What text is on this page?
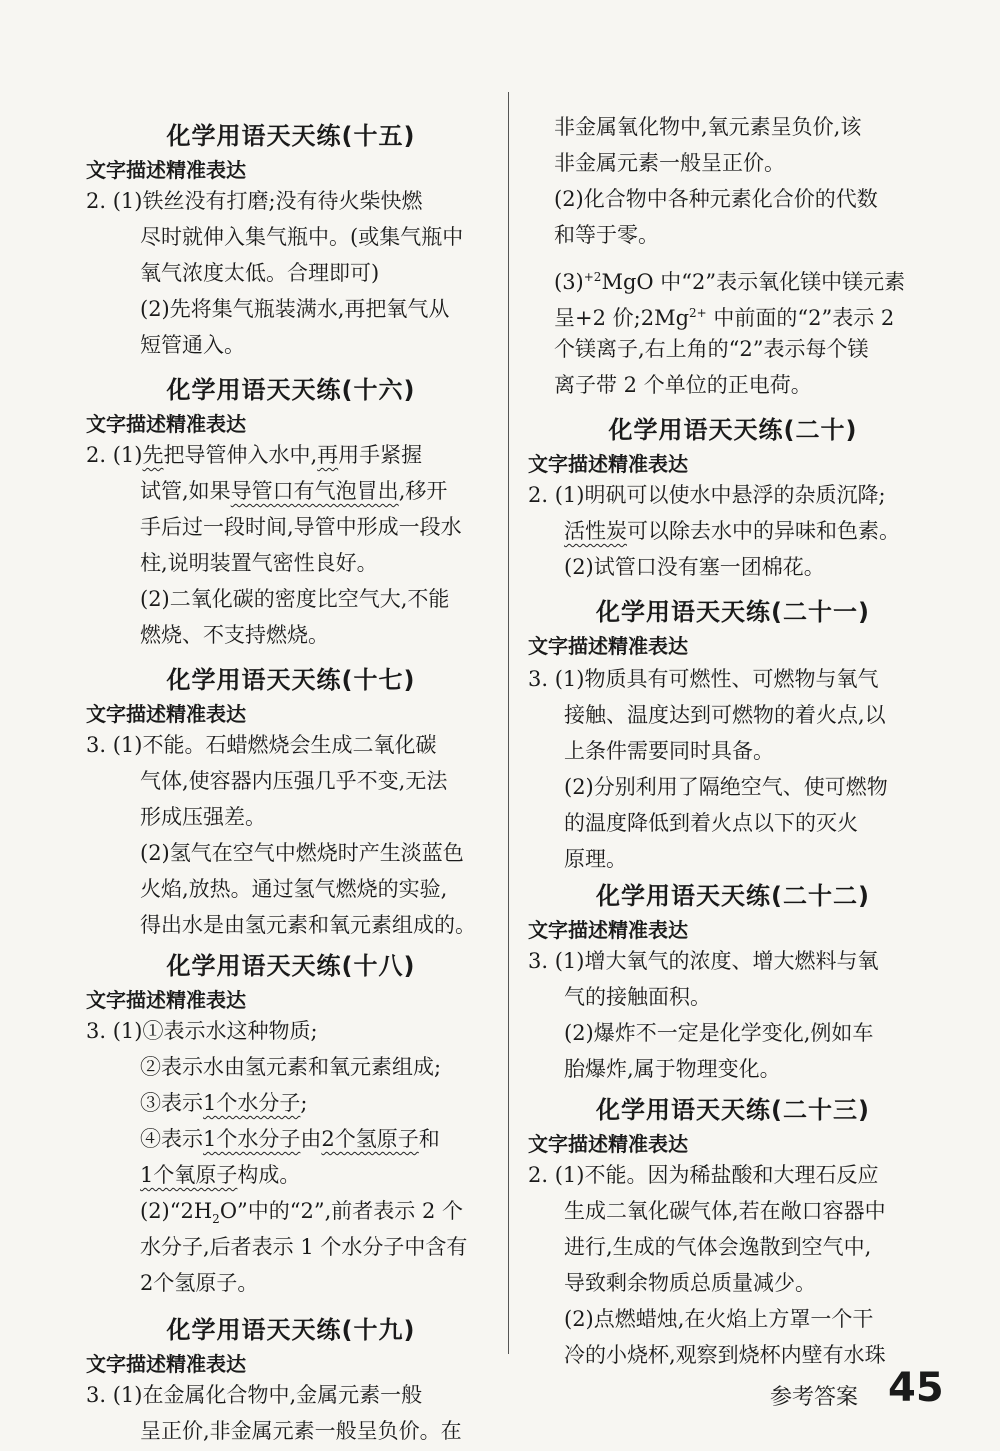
化学用语天天练(十五)
文字描述精准表达
2. (1)铁丝没有打磨;没有待火柴快燃
尽时就伸入集气瓶中。(或集气瓶中
氧气浓度太低。合理即可)
(2)先将集气瓶装满水,再把氧气从
短管通入。
化学用语天天练(十六)
文字描述精准表达
2. (1)先把导管伸入水中,再用手紧握
试管,如果导管口有气泡冒出,移开
手后过一段时间,导管中形成一段水
柱,说明装置气密性良好。
(2)二氧化碳的密度比空气大,不能
燃烧、不支持燃烧。
化学用语天天练(十七)
文字描述精准表达
3. (1)不能。石蜡燃烧会生成二氧化碳
气体,使容器内压强几乎不变,无法
形成压强差。
(2)氢气在空气中燃烧时产生淡蓝色
火焰,放热。通过氢气燃烧的实验,
得出水是由氢元素和氧元素组成的。
化学用语天天练(十八)
文字描述精准表达
3. (1)①表示水这种物质;
②表示水由氢元素和氧元素组成;
③表示1个水分子;
④表示1个水分子由2个氢原子和
1个氧原子构成。
$(2)“2H_2O$”中的“2”,前者表示 2 个
水分子,后者表示 1 个水分子中含有
2个氢原子。
化学用语天天练(十九)
文字描述精准表达
3. (1)在金属化合物中,金属元素一般
呈正价,非金属元素一般呈负价。在
非金属氧化物中,氧元素呈负价,该
非金属元素一般呈正价。
(2)化合物中各种元素化合价的代数
和等于零。
$(3)^{+2}MgO$ 中“2”表示氧化镁中镁元素
呈+2 价$;2Mg^{2+}$ 中前面的“2”表示 2
个镁离子,右上角的“2”表示每个镁
离子带 2 个单位的正电荷。
化学用语天天练(二十)
文字描述精准表达
2. (1)明矾可以使水中悬浮的杂质沉降;
活性炭可以除去水中的异味和色素。
(2)试管口没有塞一团棉花。
化学用语天天练(二十一)
文字描述精准表达
3. (1)物质具有可燃性、可燃物与氧气
接触、温度达到可燃物的着火点,以
上条件需要同时具备。
(2)分别利用了隔绝空气、使可燃物
的温度降低到着火点以下的灭火
原理。
化学用语天天练(二十二)
文字描述精准表达
3. (1)增大氧气的浓度、增大燃料与氧
气的接触面积。
(2)爆炸不一定是化学变化,例如车
胎爆炸,属于物理变化。
化学用语天天练(二十三)
文字描述精准表达
2. (1)不能。因为稀盐酸和大理石反应
生成二氧化碳气体,若在敞口容器中
进行,生成的气体会逸散到空气中,
导致剩余物质总质量减少。
(2)点燃蜡烛,在火焰上方罩一个干
冷的小烧杯,观察到烧杯内壁有水珠
参考答案 45
